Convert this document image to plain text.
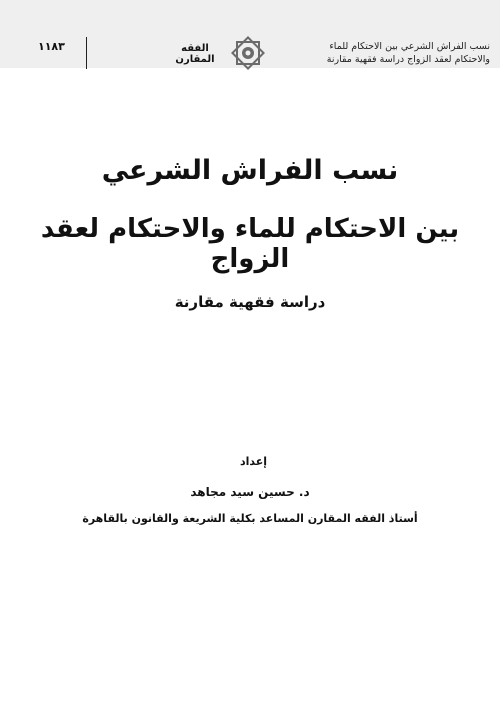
١١٨٣	الفقه المقارن
نسب الفراش الشرعي بين الاحتكام للماء
والاحتكام لعقد الزواج دراسة فقهية مقارنة
نسب الفراش الشرعي
بين الاحتكام للماء والاحتكام لعقد الزواج
دراسة فقهية مقارنة
إعداد
د. حسين سيد مجاهد
أستاذ الفقه المقارن المساعد بكلية الشريعة والقانون بالقاهرة
